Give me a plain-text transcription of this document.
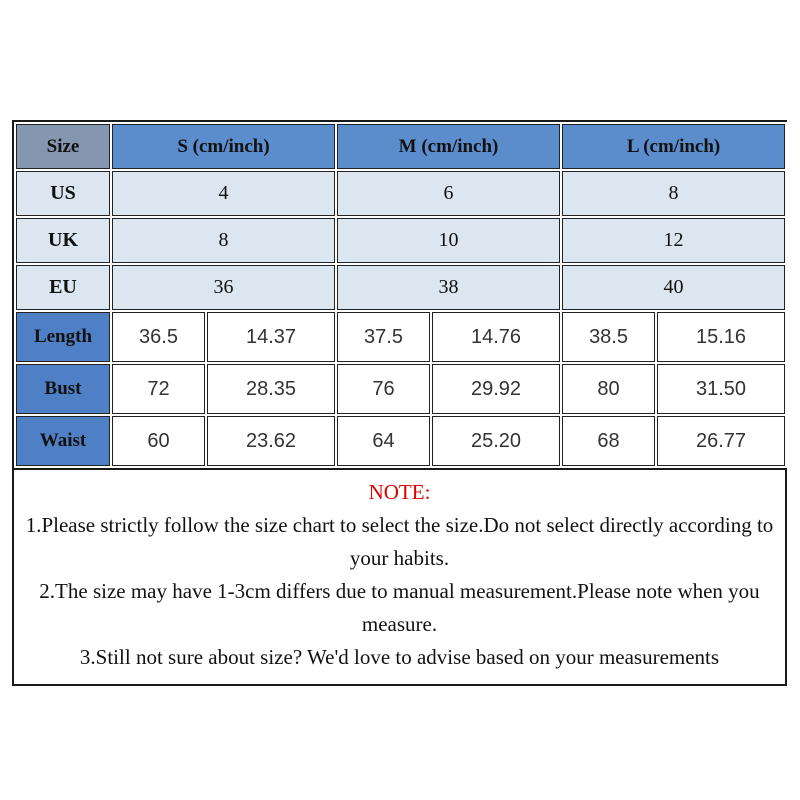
Size	S (cm/inch)		M (cm/inch)		L (cm/inch)	
US	4		6		8	
UK	8		10		12	
EU	36		38		40	
Length	36.5	14.37	37.5	14.76	38.5	15.16
Bust	72	28.35	76	29.92	80	31.50
Waist	60	23.62	64	25.20	68	26.77
NOTE:
1.Please strictly follow the size chart to select the size.Do not select directly according to your habits.
2.The size may have 1-3cm differs due to manual measurement.Please note when you measure.
3.Still not sure about size? We'd love to advise based on your measurements
